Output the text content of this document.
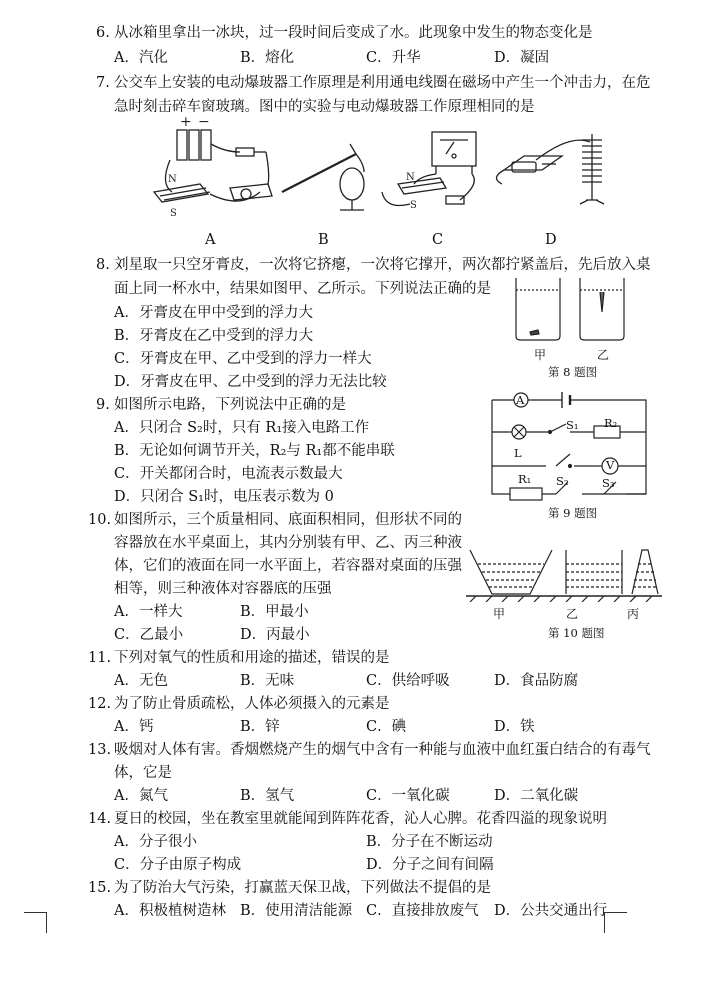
6. 从冰箱里拿出一冰块，过一段时间后变成了水。此现象中发生的物态变化是
A．汽化	B．熔化	C．升华	D．凝固
7. 公交车上安装的电动爆玻器工作原理是利用通电线圈在磁场中产生一个冲击力，在危
急时刻击碎车窗玻璃。图中的实验与电动爆玻器工作原理相同的是
+ −
N
S
N
S
A	B	C	D
8. 刘星取一只空牙膏皮，一次将它挤瘪，一次将它撑开，两次都拧紧盖后，先后放入桌
面上同一杯水中，结果如图甲、乙所示。下列说法正确的是
A．牙膏皮在甲中受到的浮力大
B．牙膏皮在乙中受到的浮力大
C．牙膏皮在甲、乙中受到的浮力一样大
D．牙膏皮在甲、乙中受到的浮力无法比较
甲	乙
第 8 题图
9. 如图所示电路，下列说法中正确的是
A．只闭合 S₂时，只有 R₁接入电路工作
B．无论如何调节开关，R₂与 R₁都不能串联
C．开关都闭合时，电流表示数最大
D．只闭合 S₁时，电压表示数为 0
A
S₁ R₂
L
V
R₁ S₂	S₃
第 9 题图
10. 如图所示，三个质量相同、底面积相同，但形状不同的
容器放在水平桌面上，其内分别装有甲、乙、丙三种液
体，它们的液面在同一水平面上，若容器对桌面的压强
相等，则三种液体对容器底的压强
A．一样大	B．甲最小
C．乙最小	D．丙最小
甲	乙	丙
第 10 题图
11. 下列对氧气的性质和用途的描述，错误的是
A．无色	B．无味	C．供给呼吸	D．食品防腐
12. 为了防止骨质疏松，人体必须摄入的元素是
A．钙	B．锌	C．碘	D．铁
13. 吸烟对人体有害。香烟燃烧产生的烟气中含有一种能与血液中血红蛋白结合的有毒气
体，它是
A．氮气	B．氢气	C．一氧化碳	D．二氧化碳
14. 夏日的校园，坐在教室里就能闻到阵阵花香，沁人心脾。花香四溢的现象说明
A．分子很小	B．分子在不断运动
C．分子由原子构成	D．分子之间有间隔
15. 为了防治大气污染，打赢蓝天保卫战，下列做法不提倡的是
A．积极植树造林 B．使用清洁能源 C．直接排放废气 D．公共交通出行
